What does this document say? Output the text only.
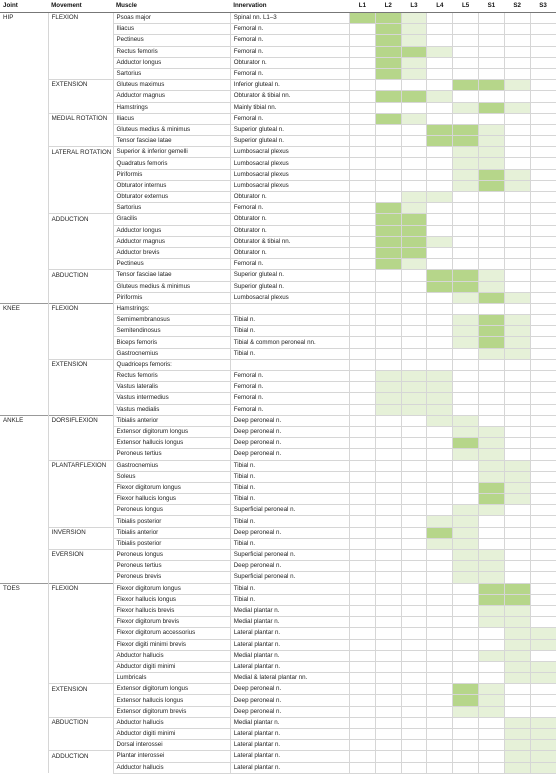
Joint	Movement	Muscle	Innervation	L1	L2	L3	L4	L5	S1	S2	S3
HIP	FLEXION	Psoas major	Spinal nn. L1–3								
		Iliacus	Femoral n.								
		Pectineus	Femoral n.								
		Rectus femoris	Femoral n.								
		Adductor longus	Obturator n.								
		Sartorius	Femoral n.								
	EXTENSION	Gluteus maximus	Inferior gluteal n.								
		Adductor magnus	Obturator & tibial nn.								
		Hamstrings	Mainly tibial nn.								
	MEDIAL ROTATION	Iliacus	Femoral n.								
		Gluteus medius & minimus	Superior gluteal n.								
		Tensor fasciae latae	Superior gluteal n.								
	LATERAL ROTATION	Superior & inferior gemelli	Lumbosacral plexus								
		Quadratus femoris	Lumbosacral plexus								
		Piriformis	Lumbosacral plexus								
		Obturator internus	Lumbosacral plexus								
		Obturator externus	Obturator n.								
		Sartorius	Femoral n.								
	ADDUCTION	Gracilis	Obturator n.								
		Adductor longus	Obturator n.								
		Adductor magnus	Obturator & tibial nn.								
		Adductor brevis	Obturator n.								
		Pectineus	Femoral n.								
	ABDUCTION	Tensor fasciae latae	Superior gluteal n.								
		Gluteus medius & minimus	Superior gluteal n.								
		Piriformis	Lumbosacral plexus								
KNEE	FLEXION	Hamstrings:									
		Semimembranosus	Tibial n.								
		Semitendinosus	Tibial n.								
		Biceps femoris	Tibial & common peroneal nn.								
		Gastrocnemius	Tibial n.								
	EXTENSION	Quadriceps femoris:									
		Rectus femoris	Femoral n.								
		Vastus lateralis	Femoral n.								
		Vastus intermedius	Femoral n.								
		Vastus medialis	Femoral n.								
ANKLE	DORSIFLEXION	Tibialis anterior	Deep peroneal n.								
		Extensor digitorum longus	Deep peroneal n.								
		Extensor hallucis longus	Deep peroneal n.								
		Peroneus tertius	Deep peroneal n.								
	PLANTARFLEXION	Gastrocnemius	Tibial n.								
		Soleus	Tibial n.								
		Flexor digitorum longus	Tibial n.								
		Flexor hallucis longus	Tibial n.								
		Peroneus longus	Superficial peroneal n.								
		Tibialis posterior	Tibial n.								
	INVERSION	Tibialis anterior	Deep peroneal n.								
		Tibialis posterior	Tibial n.								
	EVERSION	Peroneus longus	Superficial peroneal n.								
		Peroneus tertius	Deep peroneal n.								
		Peroneus brevis	Superficial peroneal n.								
TOES	FLEXION	Flexor digitorum longus	Tibial n.								
		Flexor hallucis longus	Tibial n.								
		Flexor hallucis brevis	Medial plantar n.								
		Flexor digitorum brevis	Medial plantar n.								
		Flexor digitorum accessorius	Lateral plantar n.								
		Flexor digiti minimi brevis	Lateral plantar n.								
		Abductor hallucis	Medial plantar n.								
		Abductor digiti minimi	Lateral plantar n.								
		Lumbricals	Medial & lateral plantar nn.								
	EXTENSION	Extensor digitorum longus	Deep peroneal n.								
		Extensor hallucis longus	Deep peroneal n.								
		Extensor digitorum brevis	Deep peroneal n.								
	ABDUCTION	Abductor hallucis	Medial plantar n.								
		Abductor digiti minimi	Lateral plantar n.								
		Dorsal interossei	Lateral plantar n.								
	ADDUCTION	Plantar interossei	Lateral plantar n.								
		Adductor hallucis	Lateral plantar n.								
